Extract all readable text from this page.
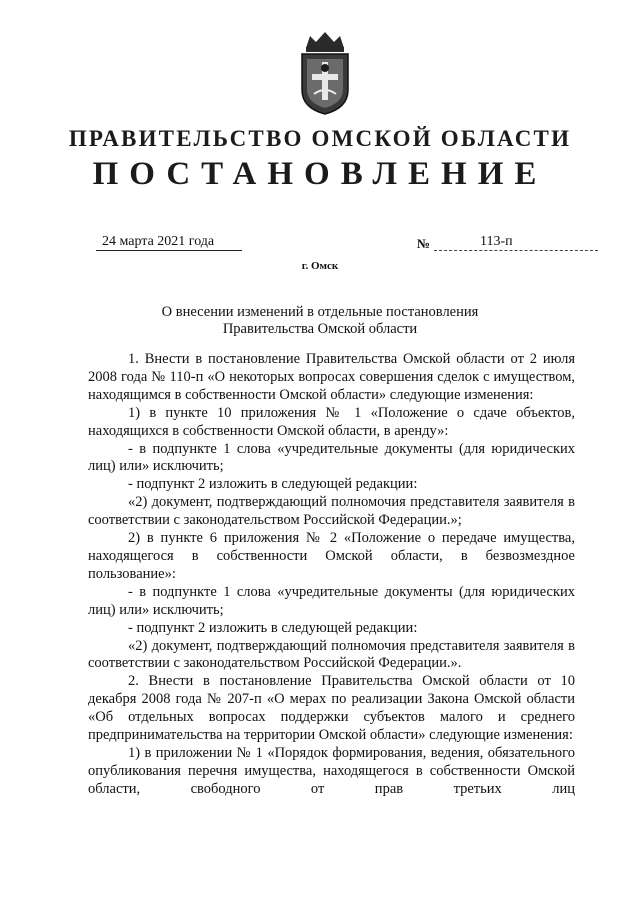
ПРАВИТЕЛЬСТВО ОМСКОЙ ОБЛАСТИ
ПОСТАНОВЛЕНИЕ
24 марта 2021 года	№	113-п
г. Омск
О внесении изменений в отдельные постановления
Правительства Омской области

1. Внести в постановление Правительства Омской области от 2 июля 2008 года № 110-п «О некоторых вопросах совершения сделок с имуществом, находящимся в собственности Омской области» следующие изменения:

1) в пункте 10 приложения № 1 «Положение о сдаче объектов, находящихся в собственности Омской области, в аренду»:

- в подпункте 1 слова «учредительные документы (для юридических лиц) или» исключить;

- подпункт 2 изложить в следующей редакции:

«2) документ, подтверждающий полномочия представителя заявителя в соответствии с законодательством Российской Федерации.»;

2) в пункте 6 приложения № 2 «Положение о передаче имущества, находящегося в собственности Омской области, в безвозмездное пользование»:

- в подпункте 1 слова «учредительные документы (для юридических лиц) или» исключить;

- подпункт 2 изложить в следующей редакции:

«2) документ, подтверждающий полномочия представителя заявителя в соответствии с законодательством Российской Федерации.».

2. Внести в постановление Правительства Омской области от 10 декабря 2008 года № 207-п «О мерах по реализации Закона Омской области «Об отдельных вопросах поддержки субъектов малого и среднего предпринимательства на территории Омской области» следующие изменения:

1) в приложении № 1 «Порядок формирования, ведения, обязательного опубликования перечня имущества, находящегося в собственности Омской области, свободного от прав третьих лиц
